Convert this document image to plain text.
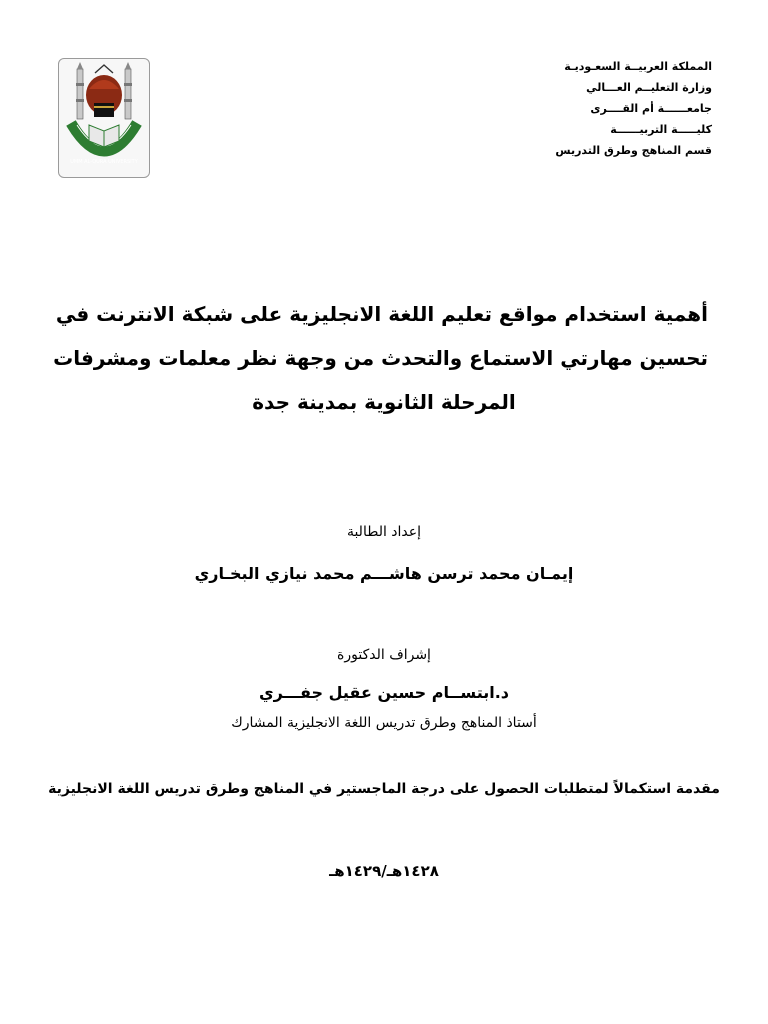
UMM AL-QURA UNIVERSITY
المملكة العربيــة السعـوديـة
وزارة التعليــم العـــالي
جامعــــــة أم القــــرى
كليـــــة التربيــــــة
قسم المناهج وطرق التدريس
أهمية استخدام مواقع تعليم اللغة الانجليزية على شبكة الانترنت في
تحسين مهارتي الاستماع والتحدث من وجهة نظر معلمات ومشرفات
المرحلة الثانوية بمدينة جدة
إعداد الطالبة
إيمـان محمد ترسن هاشـــم محمد نيازي البخـاري
إشراف الدكتورة
د.ابتســام حسين عقيل جفـــري
أستاذ المناهج وطرق تدريس اللغة الانجليزية المشارك
مقدمة استكمالاً لمتطلبات الحصول على درجة الماجستير في المناهج وطرق تدريس اللغة الانجليزية
١٤٢٨هـ/١٤٢٩هـ
